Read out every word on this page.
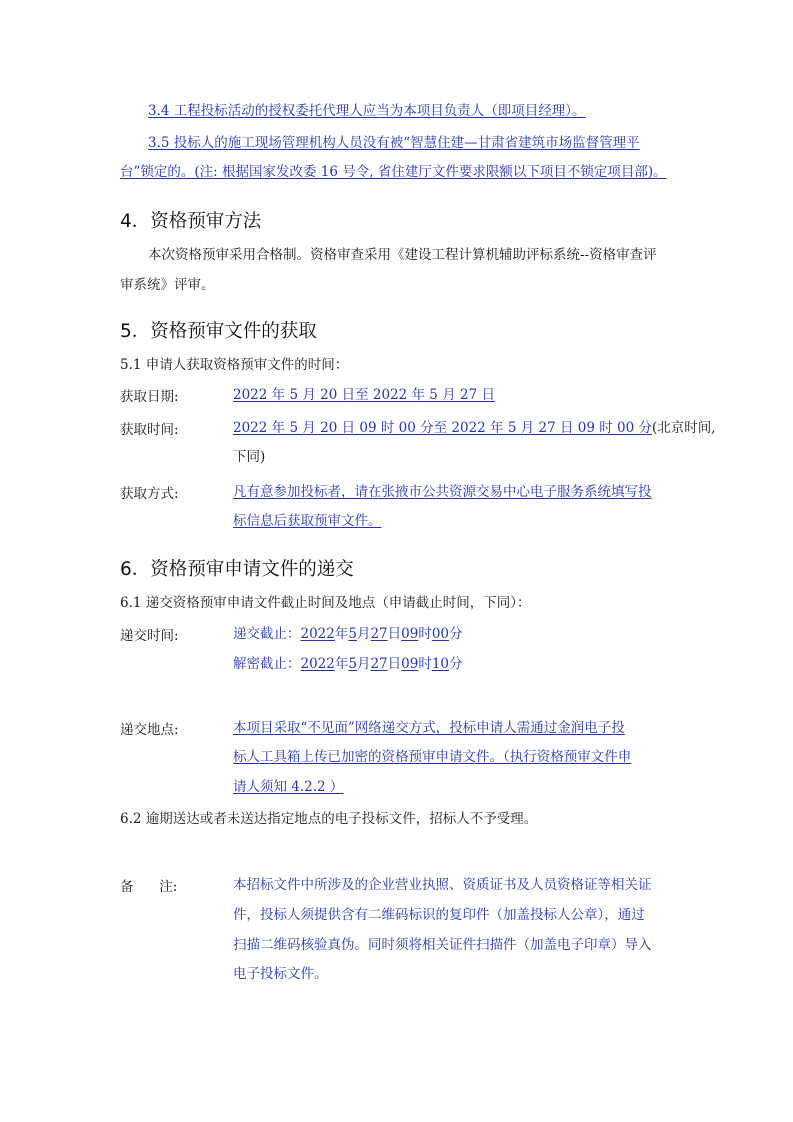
3.4 工程投标活动的授权委托代理人应当为本项目负责人（即项目经理）。
3.5 投标人的施工现场管理机构人员没有被“智慧住建—甘肃省建筑市场监督管理平
台”锁定的。(注: 根据国家发改委 16 号令, 省住建厅文件要求限额以下项目不锁定项目部)。
4．资格预审方法
本次资格预审采用合格制。资格审查采用《建设工程计算机辅助评标系统--资格审查评
审系统》评审。
5．资格预审文件的获取
5.1 申请人获取资格预审文件的时间：
获取日期:	2022 年 5 月 20 日至 2022 年 5 月 27 日
获取时间:	2022 年 5 月 20 日 09 时 00 分至 2022 年 5 月 27 日 09 时 00 分(北京时间,
下同)
获取方式:	凡有意参加投标者，请在张掖市公共资源交易中心电子服务系统填写投
标信息后获取预审文件。
6．资格预审申请文件的递交
6.1 递交资格预审申请文件截止时间及地点（申请截止时间，下同）：
递交时间:	递交截止：2022年5月27日09时00分
解密截止：2022年5月27日09时10分
递交地点:	本项目采取“不见面”网络递交方式，投标申请人需通过金润电子投
标人工具箱上传已加密的资格预审申请文件。（执行资格预审文件申
请人须知 4.2.2 ）
6.2 逾期送达或者未送达指定地点的电子投标文件，招标人不予受理。
备      注:	本招标文件中所涉及的企业营业执照、资质证书及人员资格证等相关证
件，投标人须提供含有二维码标识的复印件（加盖投标人公章），通过
扫描二维码核验真伪。同时须将相关证件扫描件（加盖电子印章）导入
电子投标文件。
